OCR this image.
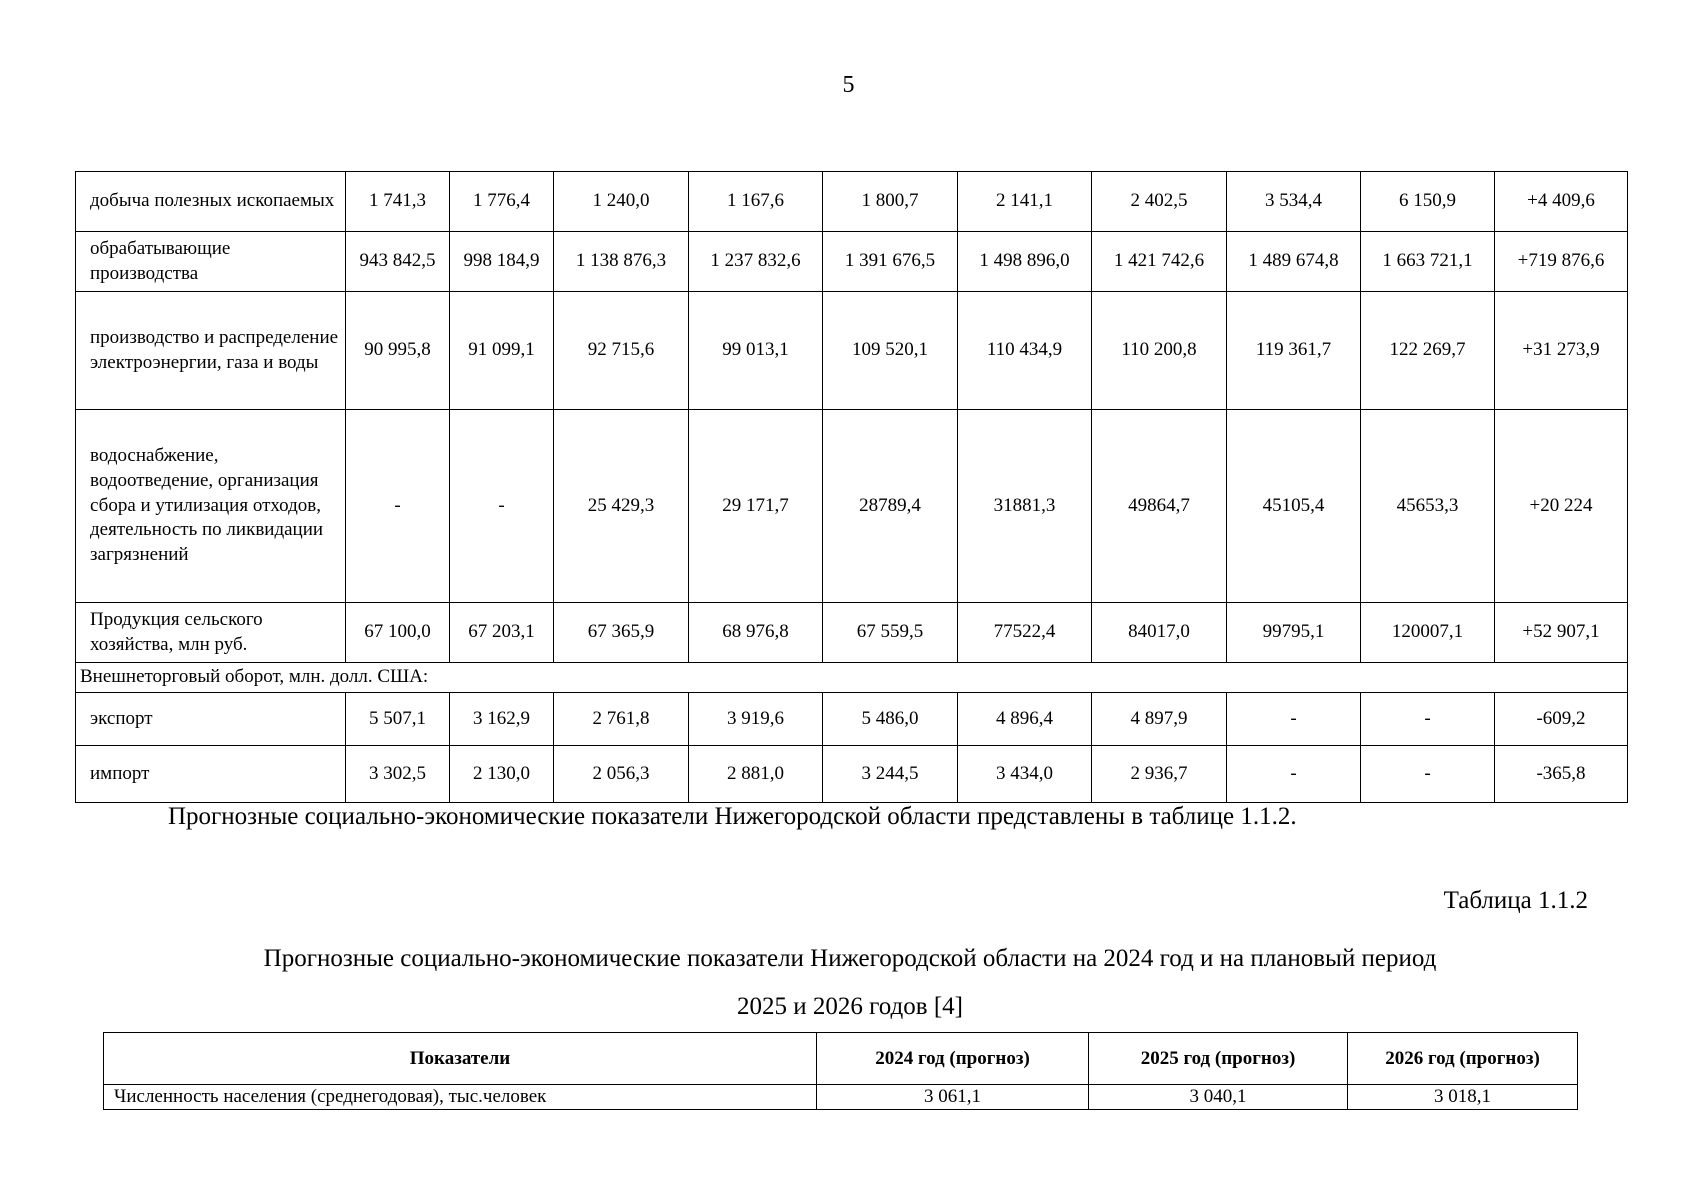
5
добыча полезных ископаемых	1 741,3	1 776,4	1 240,0	1 167,6	1 800,7	2 141,1	2 402,5	3 534,4	6 150,9	+4 409,6
обрабатывающие производства	943 842,5	998 184,9	1 138 876,3	1 237 832,6	1 391 676,5	1 498 896,0	1 421 742,6	1 489 674,8	1 663 721,1	+719 876,6
производство и распределение электроэнергии, газа и воды	90 995,8	91 099,1	92 715,6	99 013,1	109 520,1	110 434,9	110 200,8	119 361,7	122 269,7	+31 273,9
водоснабжение, водоотведение, организация сбора и утилизация отходов, деятельность по ликвидации загрязнений	-	-	25 429,3	29 171,7	28789,4	31881,3	49864,7	45105,4	45653,3	+20 224
Продукция сельского хозяйства, млн руб.	67 100,0	67 203,1	67 365,9	68 976,8	67 559,5	77522,4	84017,0	99795,1	120007,1	+52 907,1
Внешнеторговый оборот, млн. долл. США:										
экспорт	5 507,1	3 162,9	2 761,8	3 919,6	5 486,0	4 896,4	4 897,9	-	-	-609,2
импорт	3 302,5	2 130,0	2 056,3	2 881,0	3 244,5	3 434,0	2 936,7	-	-	-365,8
Прогнозные социально-экономические показатели Нижегородской области представлены в таблице 1.1.2.
Таблица 1.1.2
Прогнозные социально-экономические показатели Нижегородской области на 2024 год и на плановый период
2025 и 2026 годов [4]
Показатели	2024 год (прогноз)	2025 год (прогноз)	2026 год (прогноз)
Численность населения (среднегодовая), тыс.человек	3 061,1	3 040,1	3 018,1
